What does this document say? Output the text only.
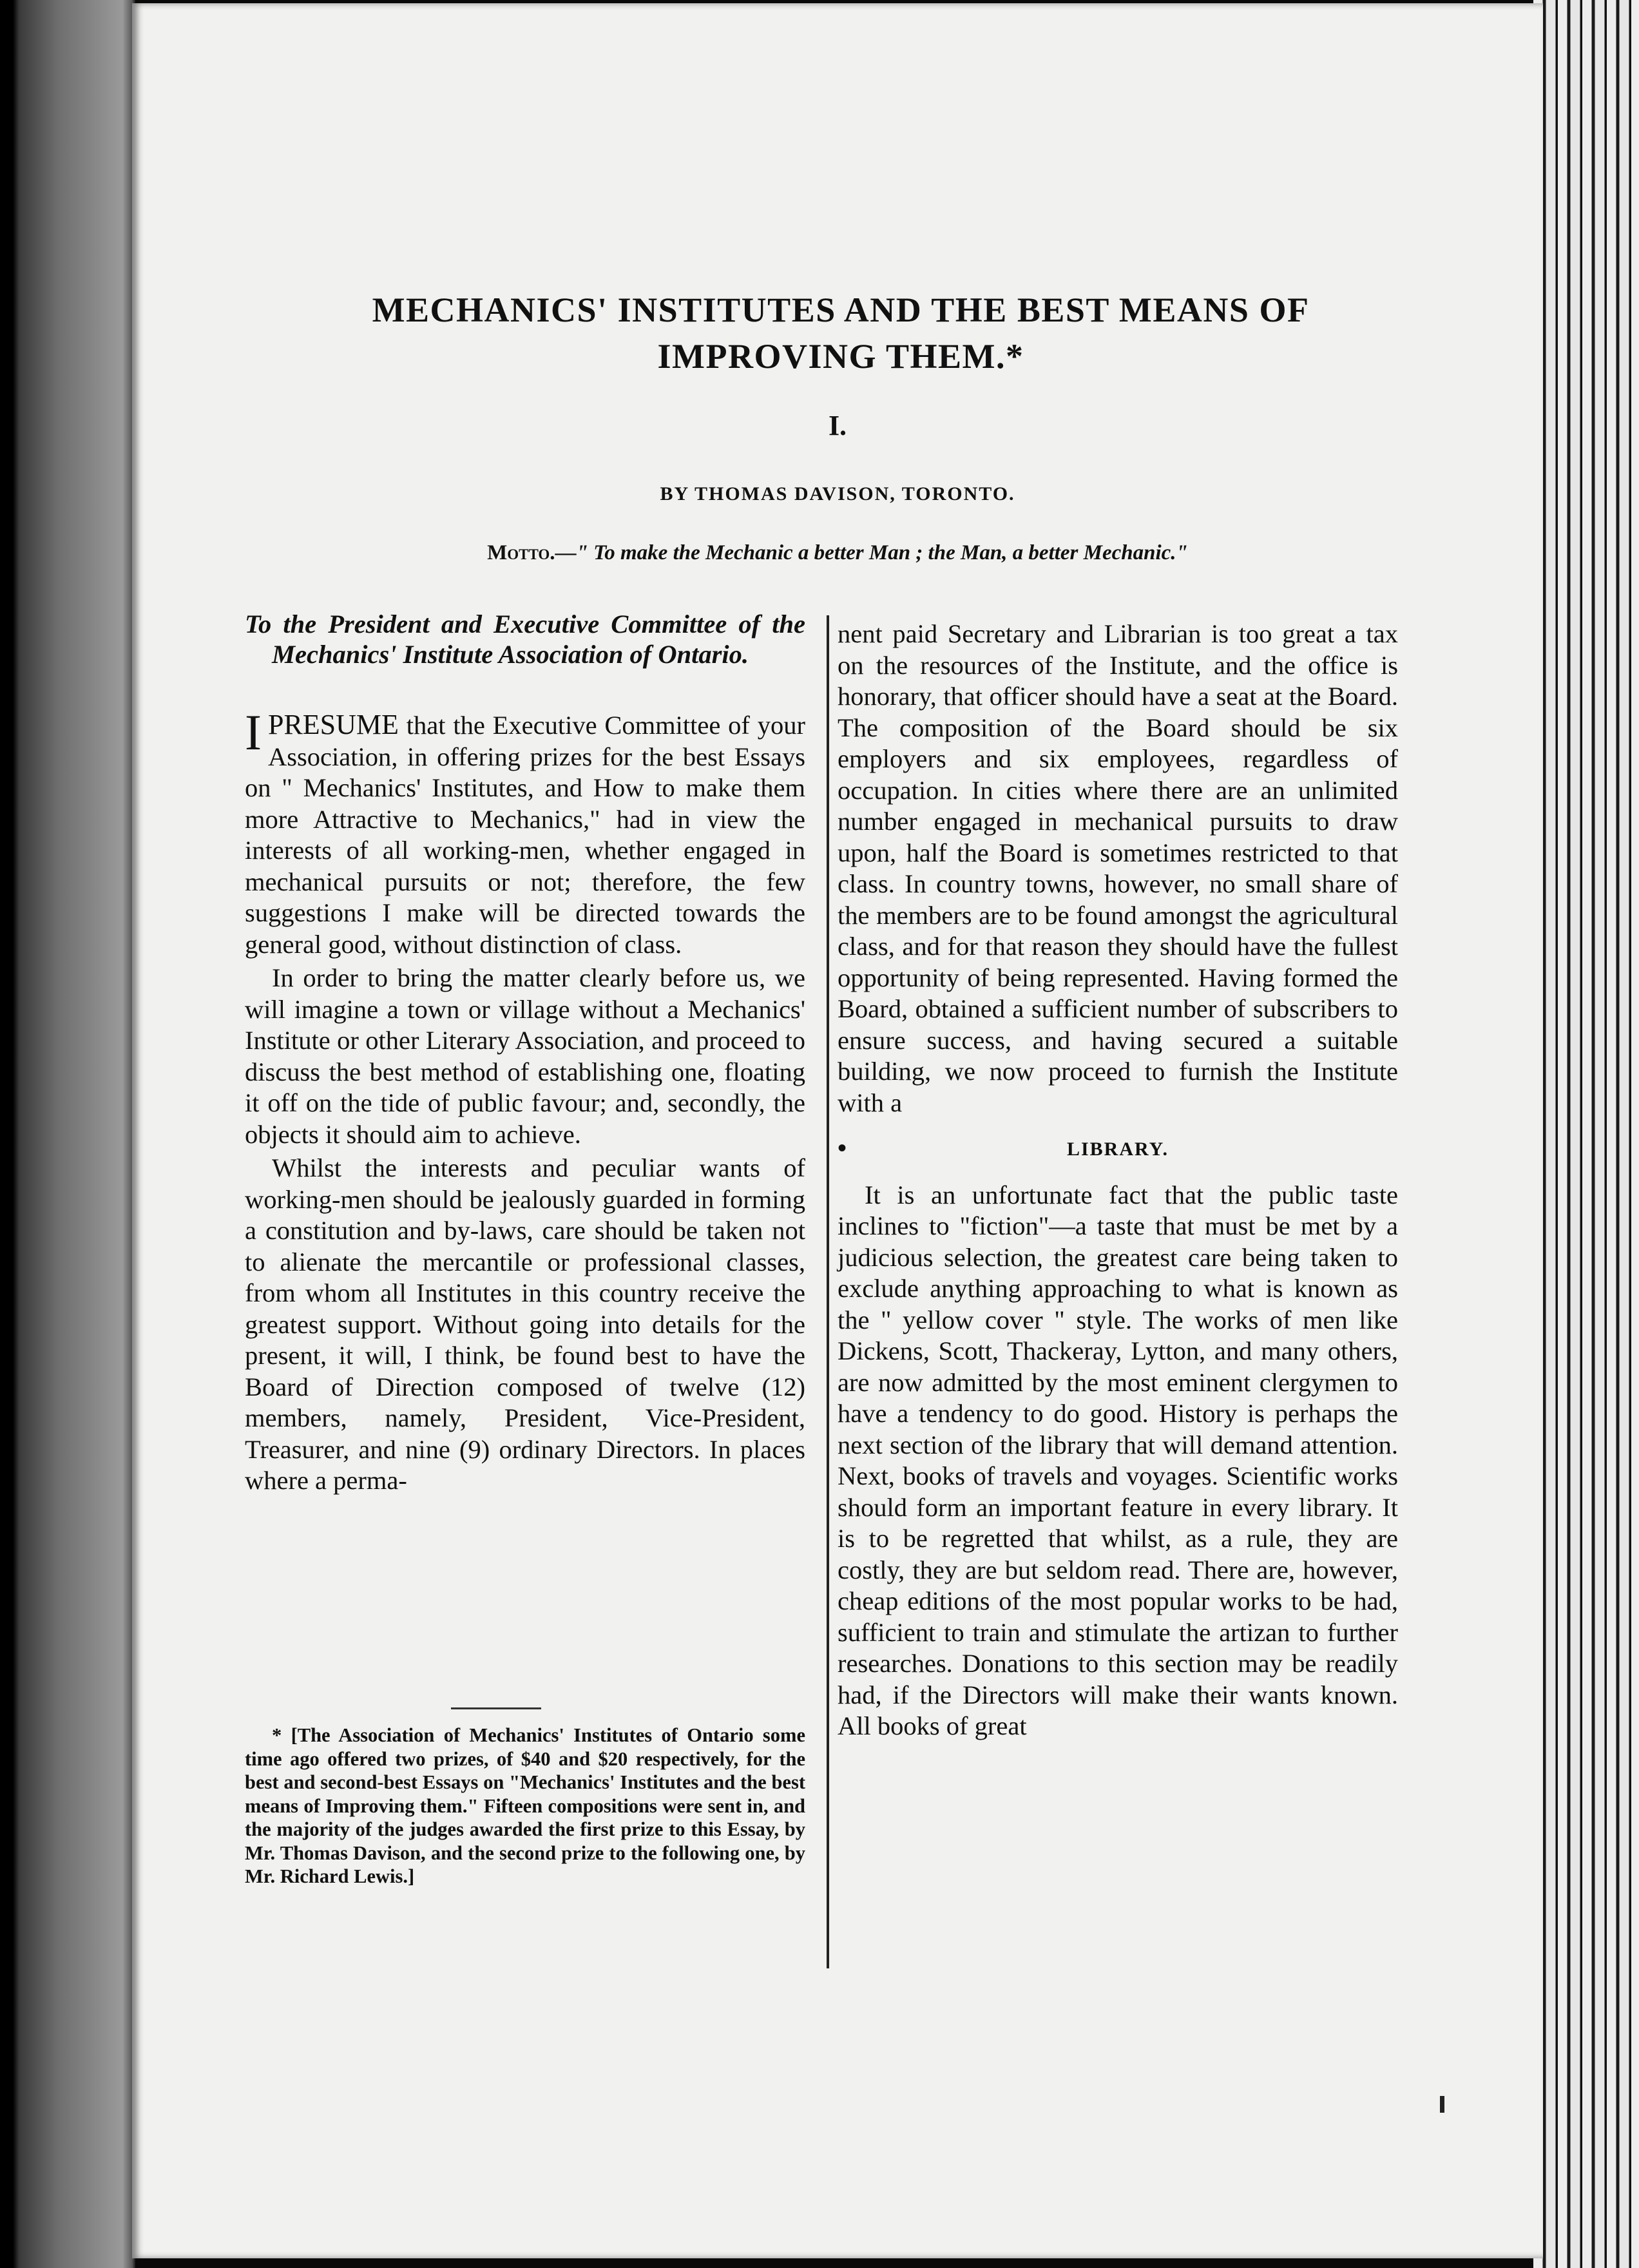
MECHANICS' INSTITUTES AND THE BEST MEANS OF IMPROVING THEM.*
I.
BY THOMAS DAVISON, TORONTO.
Motto.—" To make the Mechanic a better Man ; the Man, a better Mechanic."

To the President and Executive Committee of the Mechanics' Institute Association of Ontario.

IPRESUME that the Executive Committee of your Association, in offering prizes for the best Essays on " Mechanics' Institutes, and How to make them more Attractive to Mechanics," had in view the interests of all working-men, whether engaged in mechanical pursuits or not; therefore, the few suggestions I make will be directed towards the general good, without distinction of class.

In order to bring the matter clearly before us, we will imagine a town or village without a Mechanics' Institute or other Literary Association, and proceed to discuss the best method of establishing one, floating it off on the tide of public favour; and, secondly, the objects it should aim to achieve.

Whilst the interests and peculiar wants of working-men should be jealously guarded in forming a constitution and by-laws, care should be taken not to alienate the mercantile or professional classes, from whom all Institutes in this country receive the greatest support. Without going into details for the present, it will, I think, be found best to have the Board of Direction composed of twelve (12) members, namely, President, Vice-President, Treasurer, and nine (9) ordinary Directors. In places where a perma-

nent paid Secretary and Librarian is too great a tax on the resources of the Institute, and the office is honorary, that officer should have a seat at the Board. The composition of the Board should be six employers and six employees, regardless of occupation. In cities where there are an unlimited number engaged in mechanical pursuits to draw upon, half the Board is sometimes restricted to that class. In country towns, however, no small share of the members are to be found amongst the agricultural class, and for that reason they should have the fullest opportunity of being represented. Having formed the Board, obtained a sufficient number of subscribers to ensure success, and having secured a suitable building, we now proceed to furnish the Institute with a

•	LIBRARY.

It is an unfortunate fact that the public taste inclines to "fiction"—a taste that must be met by a judicious selection, the greatest care being taken to exclude anything approaching to what is known as the " yellow cover " style. The works of men like Dickens, Scott, Thackeray, Lytton, and many others, are now admitted by the most eminent clergymen to have a tendency to do good. History is perhaps the next section of the library that will demand attention. Next, books of travels and voyages. Scientific works should form an important feature in every library. It is to be regretted that whilst, as a rule, they are costly, they are but seldom read. There are, however, cheap editions of the most popular works to be had, sufficient to train and stimulate the artizan to further researches. Donations to this section may be readily had, if the Directors will make their wants known. All books of great

* [The Association of Mechanics' Institutes of Ontario some time ago offered two prizes, of $40 and $20 respectively, for the best and second-best Essays on "Mechanics' Institutes and the best means of Improving them." Fifteen compositions were sent in, and the majority of the judges awarded the first prize to this Essay, by Mr. Thomas Davison, and the second prize to the following one, by Mr. Richard Lewis.]
